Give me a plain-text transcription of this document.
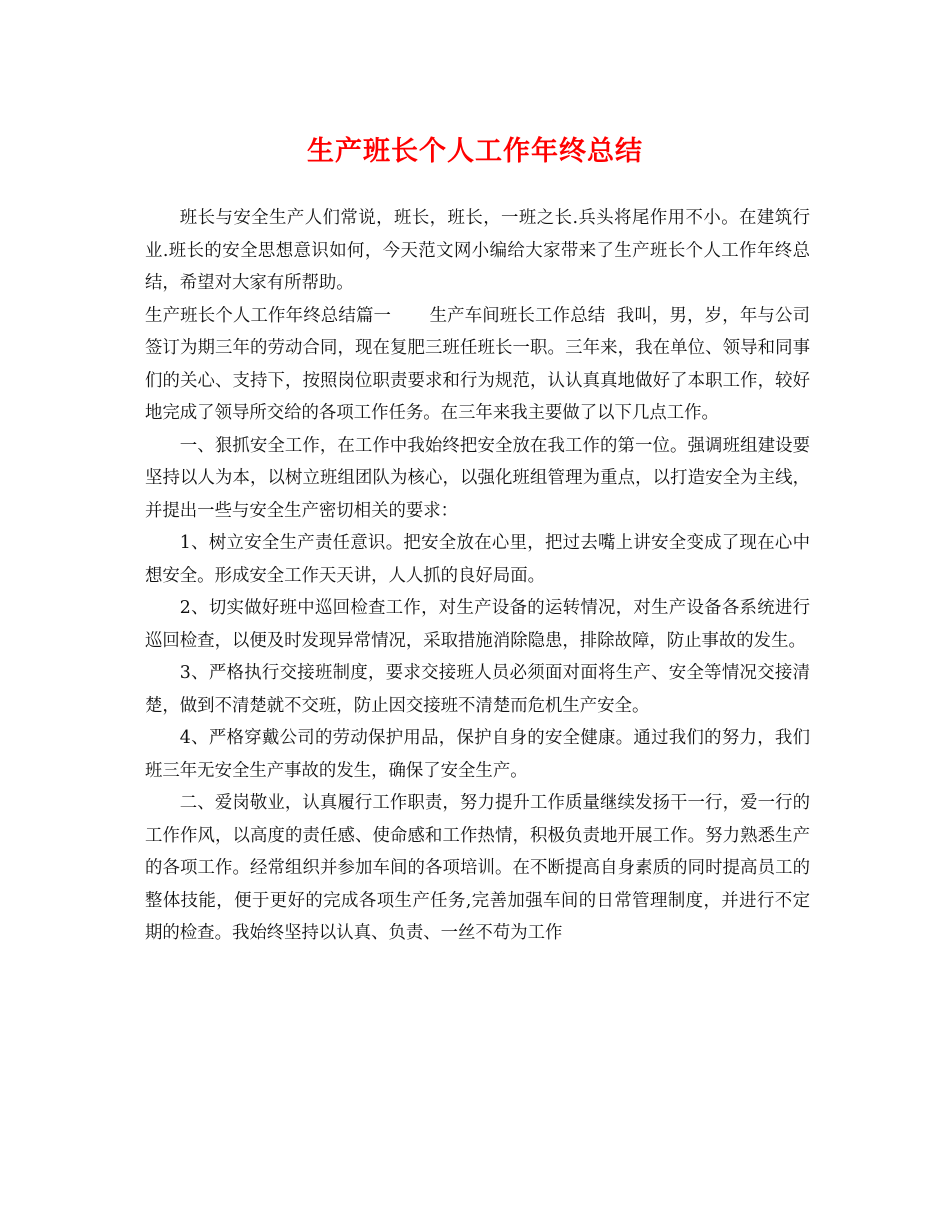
生产班长个人工作年终总结

班长与安全生产人们常说，班长，班长，一班之长.兵头将尾作用不小。在建筑行业.班长的安全思想意识如何，今天范文网小编给大家带来了生产班长个人工作年终总结，希望对大家有所帮助。

生产班长个人工作年终总结篇一 生产车间班长工作总结 我叫，男，岁，年与公司签订为期三年的劳动合同，现在复肥三班任班长一职。三年来，我在单位、领导和同事们的关心、支持下，按照岗位职责要求和行为规范，认认真真地做好了本职工作，较好地完成了领导所交给的各项工作任务。在三年来我主要做了以下几点工作。

一、狠抓安全工作，在工作中我始终把安全放在我工作的第一位。强调班组建设要坚持以人为本，以树立班组团队为核心，以强化班组管理为重点，以打造安全为主线，并提出一些与安全生产密切相关的要求：

1、树立安全生产责任意识。把安全放在心里，把过去嘴上讲安全变成了现在心中想安全。形成安全工作天天讲，人人抓的良好局面。

2、切实做好班中巡回检查工作，对生产设备的运转情况，对生产设备各系统进行巡回检查，以便及时发现异常情况，采取措施消除隐患，排除故障，防止事故的发生。

3、严格执行交接班制度，要求交接班人员必须面对面将生产、安全等情况交接清楚，做到不清楚就不交班，防止因交接班不清楚而危机生产安全。

4、严格穿戴公司的劳动保护用品，保护自身的安全健康。通过我们的努力，我们班三年无安全生产事故的发生，确保了安全生产。

二、爱岗敬业，认真履行工作职责，努力提升工作质量继续发扬干一行，爱一行的工作作风，以高度的责任感、使命感和工作热情，积极负责地开展工作。努力熟悉生产的各项工作。经常组织并参加车间的各项培训。在不断提高自身素质的同时提高员工的整体技能，便于更好的完成各项生产任务,完善加强车间的日常管理制度，并进行不定期的检查。我始终坚持以认真、负责、一丝不苟为工作
